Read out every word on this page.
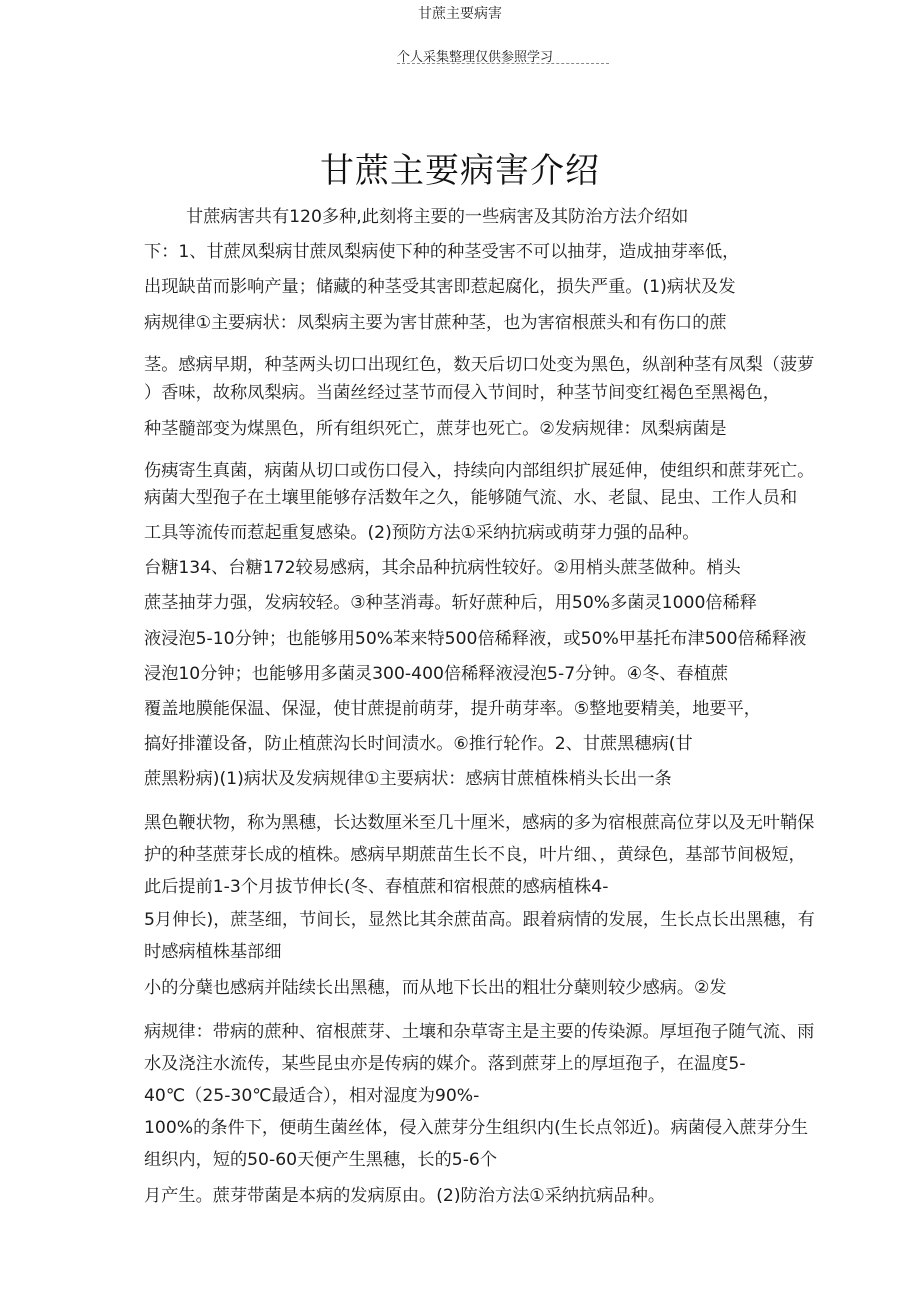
甘蔗主要病害
个人采集整理仅供参照学习
甘蔗主要病害介绍
甘蔗病害共有120多种,此刻将主要的一些病害及其防治方法介绍如
下：1、甘蔗凤梨病甘蔗凤梨病使下种的种茎受害不可以抽芽，造成抽芽率低，
出现缺苗而影响产量；储藏的种茎受其害即惹起腐化，损失严重。(1)病状及发
病规律①主要病状：凤梨病主要为害甘蔗种茎，也为害宿根蔗头和有伤口的蔗
茎。感病早期，种茎两头切口出现红色，数天后切口处变为黑色，纵剖种茎有凤梨（菠萝
）香味，故称凤梨病。当菌丝经过茎节而侵入节间时，种茎节间变红褐色至黑褐色，
种茎髓部变为煤黑色，所有组织死亡，蔗芽也死亡。②发病规律：凤梨病菌是
伤痍寄生真菌，病菌从切口或伤口侵入，持续向内部组织扩展延伸，使组织和蔗芽死亡。
病菌大型孢子在土壤里能够存活数年之久，能够随气流、水、老鼠、昆虫、工作人员和
工具等流传而惹起重复感染。(2)预防方法①采纳抗病或萌芽力强的品种。
台糖134、台糖172较易感病，其余品种抗病性较好。②用梢头蔗茎做种。梢头
蔗茎抽芽力强，发病较轻。③种茎消毒。斩好蔗种后，用50%多菌灵1000倍稀释
液浸泡5-10分钟；也能够用50%苯来特500倍稀释液，或50%甲基托布津500倍稀释液
浸泡10分钟；也能够用多菌灵300-400倍稀释液浸泡5-7分钟。④冬、春植蔗
覆盖地膜能保温、保湿，使甘蔗提前萌芽，提升萌芽率。⑤整地要精美，地要平，
搞好排灌设备，防止植蔗沟长时间渍水。⑥推行轮作。2、甘蔗黑穗病(甘
蔗黑粉病)(1)病状及发病规律①主要病状：感病甘蔗植株梢头长出一条
黑色鞭状物，称为黑穗，长达数厘米至几十厘米，感病的多为宿根蔗高位芽以及无叶鞘保
护的种茎蔗芽长成的植株。感病早期蔗苗生长不良，叶片细、，黄绿色，基部节间极短，
此后提前1-3个月拔节伸长(冬、春植蔗和宿根蔗的感病植株4-
5月伸长)，蔗茎细，节间长，显然比其余蔗苗高。跟着病情的发展，生长点长出黑穗，有
时感病植株基部细
小的分蘖也感病并陆续长出黑穗，而从地下长出的粗壮分蘖则较少感病。②发
病规律：带病的蔗种、宿根蔗芽、土壤和杂草寄主是主要的传染源。厚垣孢子随气流、雨
水及浇注水流传，某些昆虫亦是传病的媒介。落到蔗芽上的厚垣孢子，在温度5-
40℃（25-30℃最适合），相对湿度为90%-
100%的条件下，便萌生菌丝体，侵入蔗芽分生组织内(生长点邻近)。病菌侵入蔗芽分生
组织内，短的50-60天便产生黑穗，长的5-6个
月产生。蔗芽带菌是本病的发病原由。(2)防治方法①采纳抗病品种。
